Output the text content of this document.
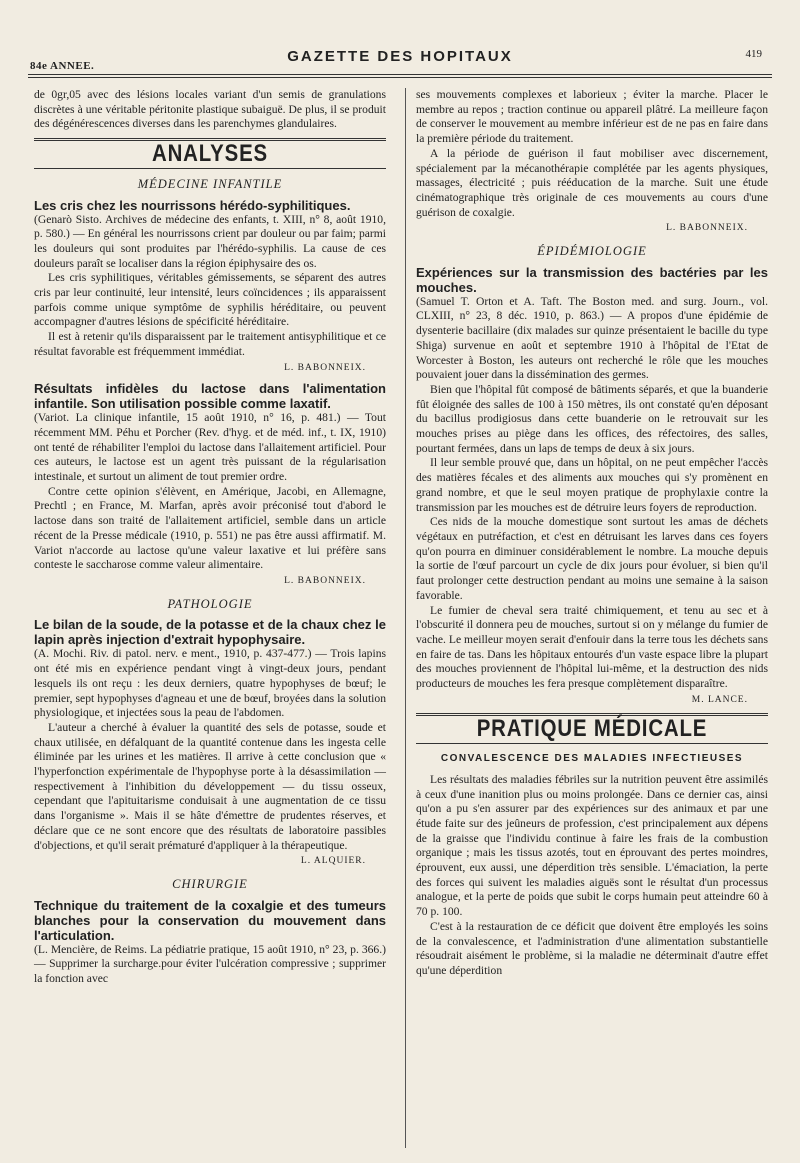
84e ANNEE.
GAZETTE DES HOPITAUX	419

de 0gr,05 avec des lésions locales variant d'un semis de granulations discrètes à une véritable péritonite plastique subaiguë. De plus, il se produit des dégénérescences diverses dans les parenchymes glandulaires.

ANALYSES
MÉDECINE INFANTILE
Les cris chez les nourrissons hérédo-syphilitiques.

(Genarò Sisto. Archives de médecine des enfants, t. XIII, n° 8, août 1910, p. 580.) — En général les nourrissons crient par douleur ou par faim; parmi les douleurs qui sont produites par l'hérédo-syphilis. La cause de ces douleurs paraît se localiser dans la région épiphysaire des os.

Les cris syphilitiques, véritables gémissements, se séparent des autres cris par leur continuité, leur intensité, leurs coïncidences ; ils apparaissent parfois comme unique symptôme de syphilis héréditaire, ou peuvent accompagner d'autres lésions de spécificité héréditaire.

Il est à retenir qu'ils disparaissent par le traitement antisyphilitique et ce résultat favorable est fréquemment immédiat.

L. BABONNEIX.
Résultats infidèles du lactose dans l'alimentation infantile. Son utilisation possible comme laxatif.

(Variot. La clinique infantile, 15 août 1910, n° 16, p. 481.) — Tout récemment MM. Péhu et Porcher (Rev. d'hyg. et de méd. inf., t. IX, 1910) ont tenté de réhabiliter l'emploi du lactose dans l'allaitement artificiel. Pour ces auteurs, le lactose est un agent très puissant de la régularisation intestinale, et surtout un aliment de tout premier ordre.

Contre cette opinion s'élèvent, en Amérique, Jacobi, en Allemagne, Prechtl ; en France, M. Marfan, après avoir préconisé tout d'abord le lactose dans son traité de l'allaitement artificiel, semble dans un article récent de la Presse médicale (1910, p. 551) ne pas être aussi affirmatif. M. Variot n'accorde au lactose qu'une valeur laxative et lui préfère sans conteste le saccharose comme valeur alimentaire.

L. BABONNEIX.
PATHOLOGIE
Le bilan de la soude, de la potasse et de la chaux chez le lapin après injection d'extrait hypophysaire.

(A. Mochi. Riv. di patol. nerv. e ment., 1910, p. 437-477.) — Trois lapins ont été mis en expérience pendant vingt à vingt-deux jours, pendant lesquels ils ont reçu : les deux derniers, quatre hypophyses de bœuf; le premier, sept hypophyses d'agneau et une de bœuf, broyées dans la solution physiologique, et injectées sous la peau de l'abdomen.

L'auteur a cherché à évaluer la quantité des sels de potasse, soude et chaux utilisée, en défalquant de la quantité contenue dans les ingesta celle éliminée par les urines et les matières. Il arrive à cette conclusion que « l'hyperfonction expérimentale de l'hypophyse porte à la désassimilation — respectivement à l'inhibition du développement — du tissu osseux, cependant que l'apituitarisme conduisait à une augmentation de ce tissu dans l'organisme ». Mais il se hâte d'émettre de prudentes réserves, et déclare que ce ne sont encore que des résultats de laboratoire passibles d'objections, et qu'il serait prématuré d'appliquer à la thérapeutique.

L. ALQUIER.
CHIRURGIE
Technique du traitement de la coxalgie et des tumeurs blanches pour la conservation du mouvement dans l'articulation.

(L. Mencière, de Reims. La pédiatrie pratique, 15 août 1910, n° 23, p. 366.) — Supprimer la surcharge.pour éviter l'ulcération compressive ; supprimer la fonction avec

ses mouvements complexes et laborieux ; éviter la marche. Placer le membre au repos ; traction continue ou appareil plâtré. La meilleure façon de conserver le mouvement au membre inférieur est de ne pas en faire dans la première période du traitement.

A la période de guérison il faut mobiliser avec discernement, spécialement par la mécanothérapie complétée par les agents physiques, massages, électricité ; puis rééducation de la marche. Suit une étude cinématographique très originale de ces mouvements au cours d'une guérison de coxalgie.

L. BABONNEIX.
ÉPIDÉMIOLOGIE
Expériences sur la transmission des bactéries par les mouches.

(Samuel T. Orton et A. Taft. The Boston med. and surg. Journ., vol. CLXIII, n° 23, 8 déc. 1910, p. 863.) — A propos d'une épidémie de dysenterie bacillaire (dix malades sur quinze présentaient le bacille du type Shiga) survenue en août et septembre 1910 à l'hôpital de l'Etat de Worcester à Boston, les auteurs ont recherché le rôle que les mouches pouvaient jouer dans la dissémination des germes.

Bien que l'hôpital fût composé de bâtiments séparés, et que la buanderie fût éloignée des salles de 100 à 150 mètres, ils ont constaté qu'en déposant du bacillus prodigiosus dans cette buanderie on le retrouvait sur les mouches prises au piège dans les offices, des réfectoires, des salles, pourtant fermées, dans un laps de temps de deux à six jours.

Il leur semble prouvé que, dans un hôpital, on ne peut empêcher l'accès des matières fécales et des aliments aux mouches qui s'y promènent en grand nombre, et que le seul moyen pratique de prophylaxie contre la transmission par les mouches est de détruire leurs foyers de reproduction.

Ces nids de la mouche domestique sont surtout les amas de déchets végétaux en putréfaction, et c'est en détruisant les larves dans ces foyers qu'on pourra en diminuer considérablement le nombre. La mouche depuis la sortie de l'œuf parcourt un cycle de dix jours pour évoluer, si bien qu'il faut prolonger cette destruction pendant au moins une semaine à la saison favorable.

Le fumier de cheval sera traité chimiquement, et tenu au sec et à l'obscurité il donnera peu de mouches, surtout si on y mélange du fumier de vache. Le meilleur moyen serait d'enfouir dans la terre tous les déchets sans en faire de tas. Dans les hôpitaux entourés d'un vaste espace libre la plupart des mouches proviennent de l'hôpital lui-même, et la destruction des nids producteurs de mouches les fera presque complètement disparaître.

M. LANCE.
PRATIQUE MÉDICALE
CONVALESCENCE DES MALADIES INFECTIEUSES

Les résultats des maladies fébriles sur la nutrition peuvent être assimilés à ceux d'une inanition plus ou moins prolongée. Dans ce dernier cas, ainsi qu'on a pu s'en assurer par des expériences sur des animaux et par une étude faite sur des jeûneurs de profession, c'est principalement aux dépens de la graisse que l'individu continue à faire les frais de la combustion organique ; mais les tissus azotés, tout en éprouvant des pertes moindres, éprouvent, eux aussi, une déperdition très sensible. L'émaciation, la perte des forces qui suivent les maladies aiguës sont le résultat d'un processus analogue, et la perte de poids que subit le corps humain peut atteindre 60 à 70 p. 100.

C'est à la restauration de ce déficit que doivent être employés les soins de la convalescence, et l'administration d'une alimentation substantielle résoudrait aisément le problème, si la maladie ne déterminait d'autre effet qu'une déperdition
